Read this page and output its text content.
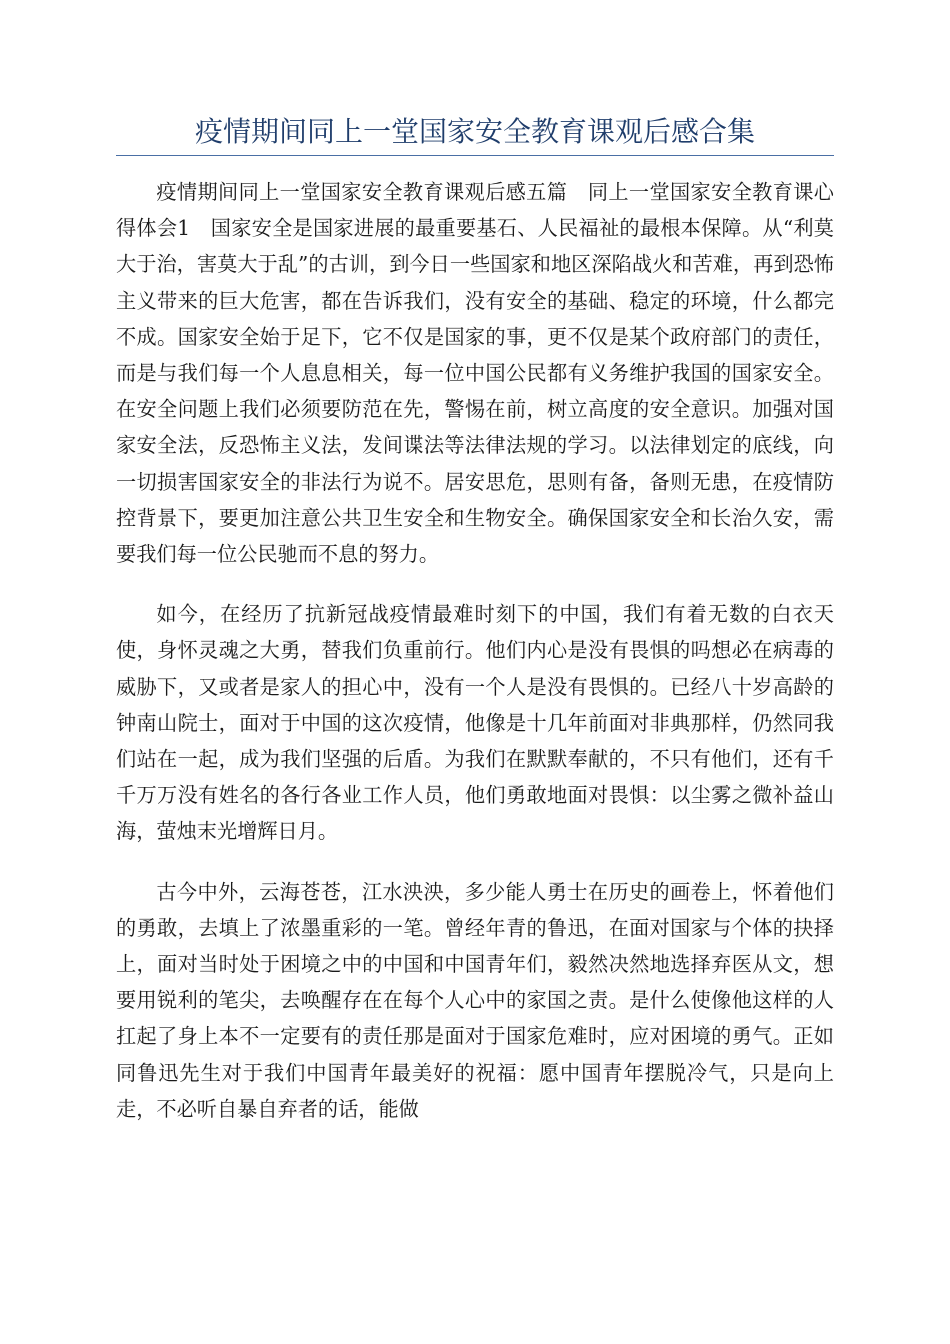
疫情期间同上一堂国家安全教育课观后感合集

疫情期间同上一堂国家安全教育课观后感五篇　同上一堂国家安全教育课心得体会1　国家安全是国家进展的最重要基石、人民福祉的最根本保障。从“利莫大于治，害莫大于乱”的古训，到今日一些国家和地区深陷战火和苦难，再到恐怖主义带来的巨大危害，都在告诉我们，没有安全的基础、稳定的环境，什么都完不成。国家安全始于足下，它不仅是国家的事，更不仅是某个政府部门的责任，而是与我们每一个人息息相关，每一位中国公民都有义务维护我国的国家安全。在安全问题上我们必须要防范在先，警惕在前，树立高度的安全意识。加强对国家安全法，反恐怖主义法，发间谍法等法律法规的学习。以法律划定的底线，向一切损害国家安全的非法行为说不。居安思危，思则有备，备则无患，在疫情防控背景下，要更加注意公共卫生安全和生物安全。确保国家安全和长治久安，需要我们每一位公民驰而不息的努力。

如今，在经历了抗新冠战疫情最难时刻下的中国，我们有着无数的白衣天使，身怀灵魂之大勇，替我们负重前行。他们内心是没有畏惧的吗想必在病毒的威胁下，又或者是家人的担心中，没有一个人是没有畏惧的。已经八十岁高龄的钟南山院士，面对于中国的这次疫情，他像是十几年前面对非典那样，仍然同我们站在一起，成为我们坚强的后盾。为我们在默默奉献的，不只有他们，还有千千万万没有姓名的各行各业工作人员，他们勇敢地面对畏惧：以尘雾之微补益山海，萤烛末光增辉日月。

古今中外，云海苍苍，江水泱泱，多少能人勇士在历史的画卷上，怀着他们的勇敢，去填上了浓墨重彩的一笔。曾经年青的鲁迅，在面对国家与个体的抉择上，面对当时处于困境之中的中国和中国青年们，毅然决然地选择弃医从文，想要用锐利的笔尖，去唤醒存在在每个人心中的家国之责。是什么使像他这样的人扛起了身上本不一定要有的责任那是面对于国家危难时，应对困境的勇气。正如同鲁迅先生对于我们中国青年最美好的祝福：愿中国青年摆脱冷气，只是向上走，不必听自暴自弃者的话，能做
